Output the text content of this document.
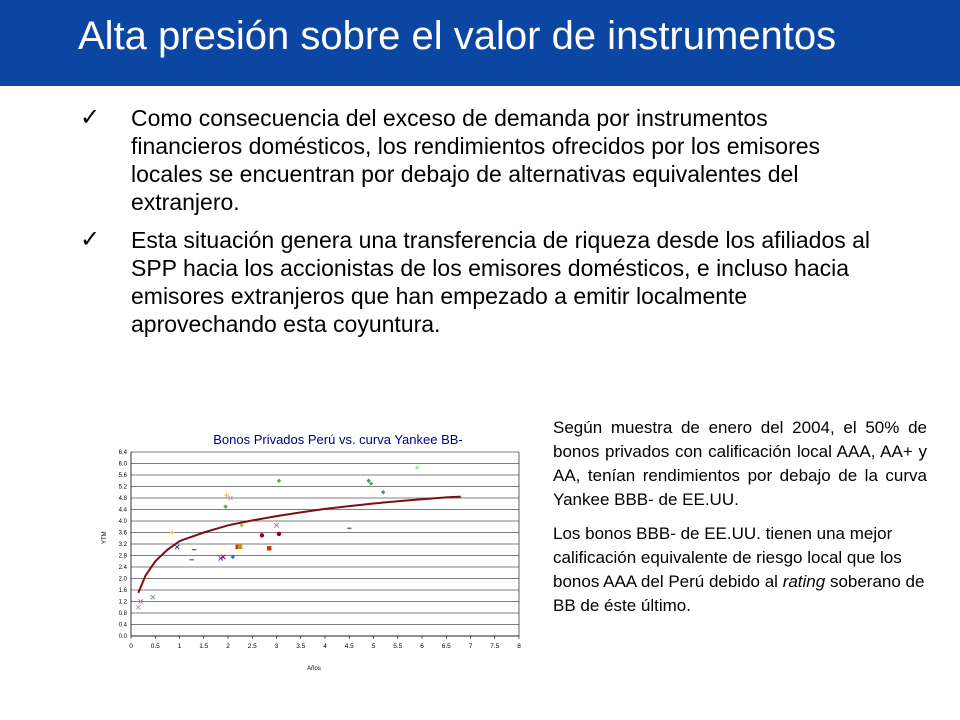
Alta presión sobre el valor de instrumentos
✓ Como consecuencia del exceso de demanda por instrumentos financieros domésticos, los rendimientos ofrecidos por los emisores locales se encuentran por debajo de alternativas equivalentes del extranjero.
✓ Esta situación genera una transferencia de riqueza desde los afiliados al SPP hacia los accionistas de los emisores domésticos, e incluso hacia emisores extranjeros que han empezado a emitir localmente aprovechando esta coyuntura.
Bonos Privados Perú vs. curva Yankee BB-
0.0
0.4
0.8
1.2
1.6
2.0
2.4
2.8
3.2
3.6
4.0
4.4
4.8
5.2
5.6
6.0
6.4
0	0.5	1	1.5	2	2.5	3	3.5	4	4.5	5	5.5	6	6.5	7	7.5	8
YTM
Años

Según muestra de enero del 2004, el 50% de bonos privados con calificación local AAA, AA+ y AA, tenían rendimientos por debajo de la curva Yankee BBB- de EE.UU.

Los bonos BBB- de EE.UU. tienen una mejor calificación equivalente de riesgo local que los bonos AAA del Perú debido al rating soberano de BB de éste último.
